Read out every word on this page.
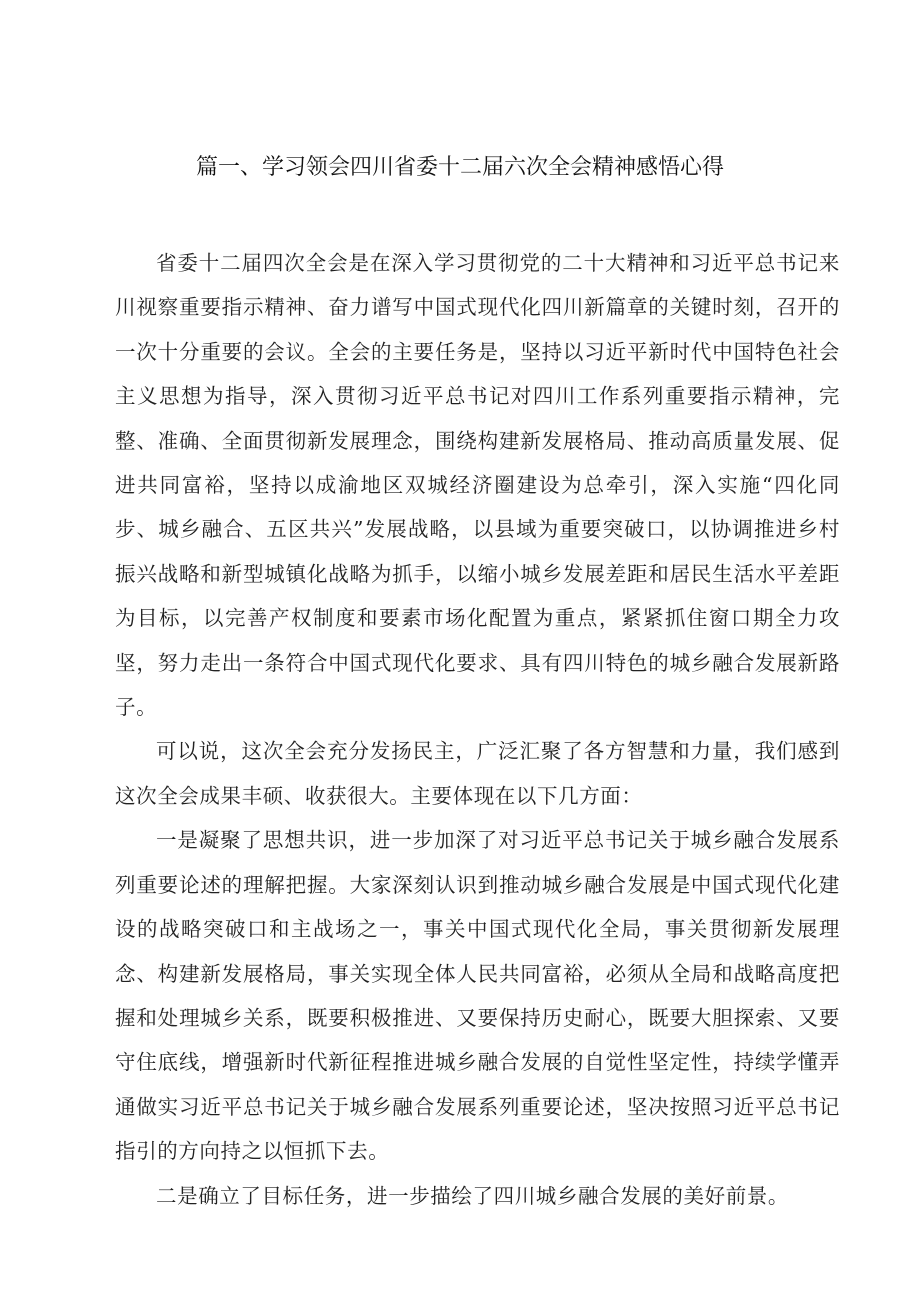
篇一、学习领会四川省委十二届六次全会精神感悟心得

省委十二届四次全会是在深入学习贯彻党的二十大精神和习近平总书记来川视察重要指示精神、奋力谱写中国式现代化四川新篇章的关键时刻，召开的一次十分重要的会议。全会的主要任务是，坚持以习近平新时代中国特色社会主义思想为指导，深入贯彻习近平总书记对四川工作系列重要指示精神，完整、准确、全面贯彻新发展理念，围绕构建新发展格局、推动高质量发展、促进共同富裕，坚持以成渝地区双城经济圈建设为总牵引，深入实施“四化同步、城乡融合、五区共兴”发展战略，以县域为重要突破口，以协调推进乡村振兴战略和新型城镇化战略为抓手，以缩小城乡发展差距和居民生活水平差距为目标，以完善产权制度和要素市场化配置为重点，紧紧抓住窗口期全力攻坚，努力走出一条符合中国式现代化要求、具有四川特色的城乡融合发展新路子。

可以说，这次全会充分发扬民主，广泛汇聚了各方智慧和力量，我们感到这次全会成果丰硕、收获很大。主要体现在以下几方面：

一是凝聚了思想共识，进一步加深了对习近平总书记关于城乡融合发展系列重要论述的理解把握。大家深刻认识到推动城乡融合发展是中国式现代化建设的战略突破口和主战场之一，事关中国式现代化全局，事关贯彻新发展理念、构建新发展格局，事关实现全体人民共同富裕，必须从全局和战略高度把握和处理城乡关系，既要积极推进、又要保持历史耐心，既要大胆探索、又要守住底线，增强新时代新征程推进城乡融合发展的自觉性坚定性，持续学懂弄通做实习近平总书记关于城乡融合发展系列重要论述，坚决按照习近平总书记指引的方向持之以恒抓下去。

二是确立了目标任务，进一步描绘了四川城乡融合发展的美好前景。
